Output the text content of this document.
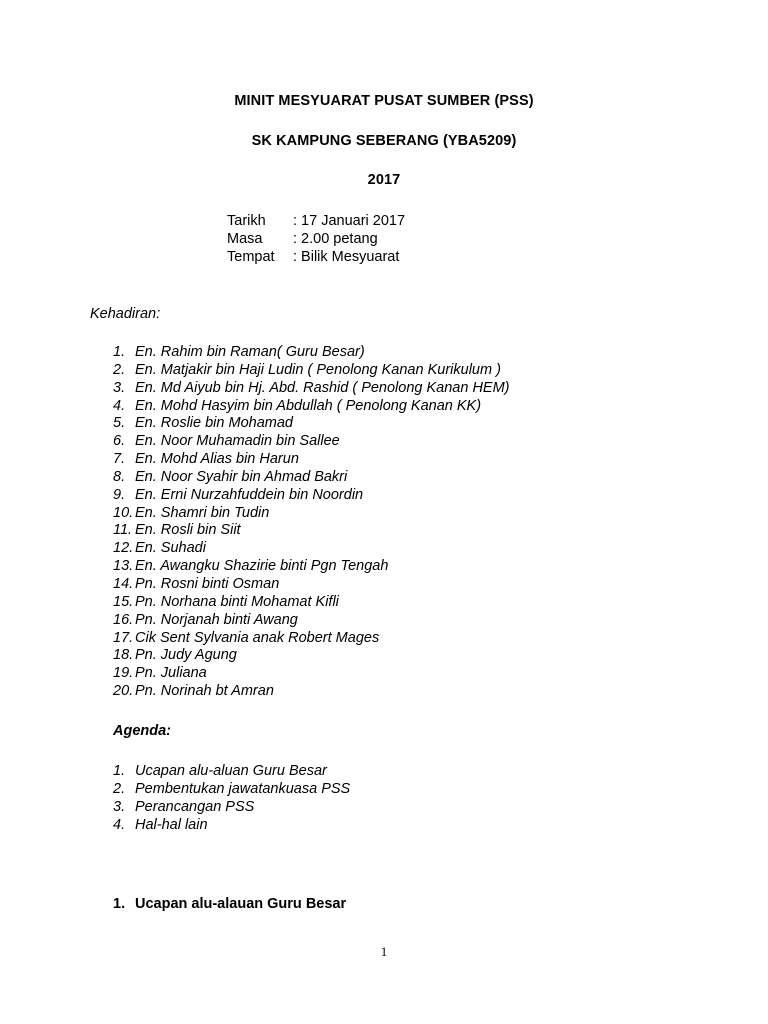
MINIT MESYUARAT PUSAT SUMBER (PSS)
SK KAMPUNG SEBERANG (YBA5209)
2017
Tarikh : 17 Januari 2017
Masa : 2.00 petang
Tempat : Bilik Mesyuarat
Kehadiran:
1. En. Rahim bin Raman( Guru Besar)
2. En. Matjakir bin Haji Ludin ( Penolong Kanan Kurikulum )
3. En. Md Aiyub bin Hj. Abd. Rashid ( Penolong Kanan HEM)
4. En. Mohd Hasyim bin Abdullah ( Penolong Kanan KK)
5. En. Roslie bin Mohamad
6. En. Noor Muhamadin bin Sallee
7. En. Mohd Alias bin Harun
8. En. Noor Syahir bin Ahmad Bakri
9. En. Erni Nurzahfuddein bin Noordin
10. En. Shamri bin Tudin
11. En. Rosli bin Siit
12. En. Suhadi
13. En. Awangku Shazirie binti Pgn Tengah
14. Pn. Rosni binti Osman
15. Pn. Norhana binti Mohamat Kifli
16. Pn. Norjanah binti Awang
17. Cik Sent Sylvania anak Robert Mages
18. Pn. Judy Agung
19. Pn. Juliana
20. Pn. Norinah bt Amran
Agenda:
1. Ucapan alu-aluan Guru Besar
2. Pembentukan jawatankuasa PSS
3. Perancangan PSS
4. Hal-hal lain
1. Ucapan alu-alauan Guru Besar
1
